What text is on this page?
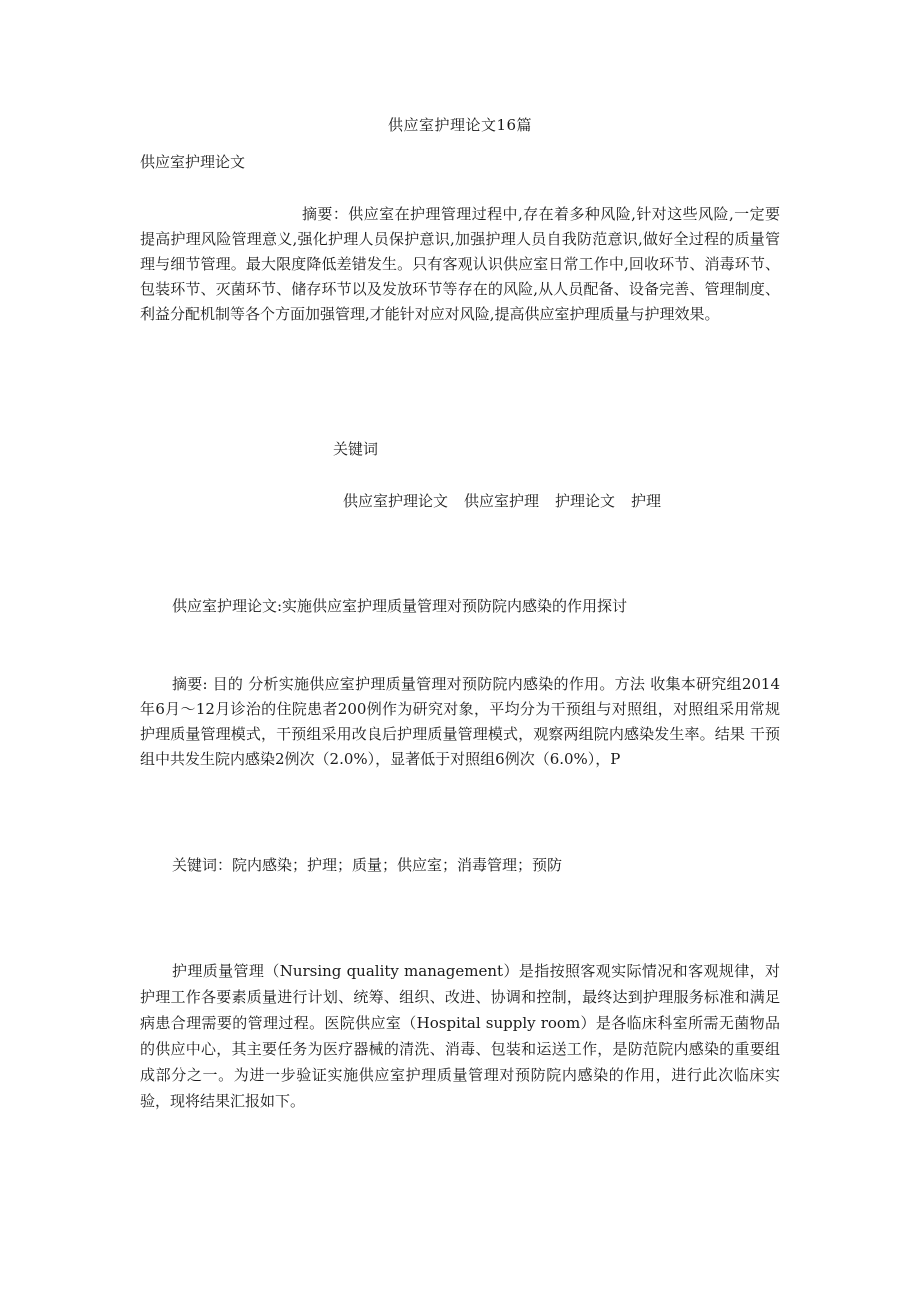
供应室护理论文16篇

供应室护理论文

摘要：供应室在护理管理过程中,存在着多种风险,针对这些风险,一定要提高护理风险管理意义,强化护理人员保护意识,加强护理人员自我防范意识,做好全过程的质量管理与细节管理。最大限度降低差错发生。只有客观认识供应室日常工作中,回收环节、消毒环节、包装环节、灭菌环节、储存环节以及发放环节等存在的风险,从人员配备、设备完善、管理制度、利益分配机制等各个方面加强管理,才能针对应对风险,提高供应室护理质量与护理效果。

关键词

供应室护理论文 供应室护理 护理论文 护理

供应室护理论文:实施供应室护理质量管理对预防院内感染的作用探讨

摘要: 目的 分析实施供应室护理质量管理对预防院内感染的作用。方法 收集本研究组2014年6月～12月诊治的住院患者200例作为研究对象，平均分为干预组与对照组，对照组采用常规护理质量管理模式，干预组采用改良后护理质量管理模式，观察两组院内感染发生率。结果 干预组中共发生院内感染2例次（2.0%），显著低于对照组6例次（6.0%），P

关键词：院内感染；护理；质量；供应室；消毒管理；预防

护理质量管理（Nursing quality management）是指按照客观实际情况和客观规律，对护理工作各要素质量进行计划、统筹、组织、改进、协调和控制，最终达到护理服务标准和满足病患合理需要的管理过程。医院供应室（Hospital supply room）是各临床科室所需无菌物品的供应中心，其主要任务为医疗器械的清洗、消毒、包装和运送工作，是防范院内感染的重要组成部分之一。为进一步验证实施供应室护理质量管理对预防院内感染的作用，进行此次临床实验，现将结果汇报如下。
